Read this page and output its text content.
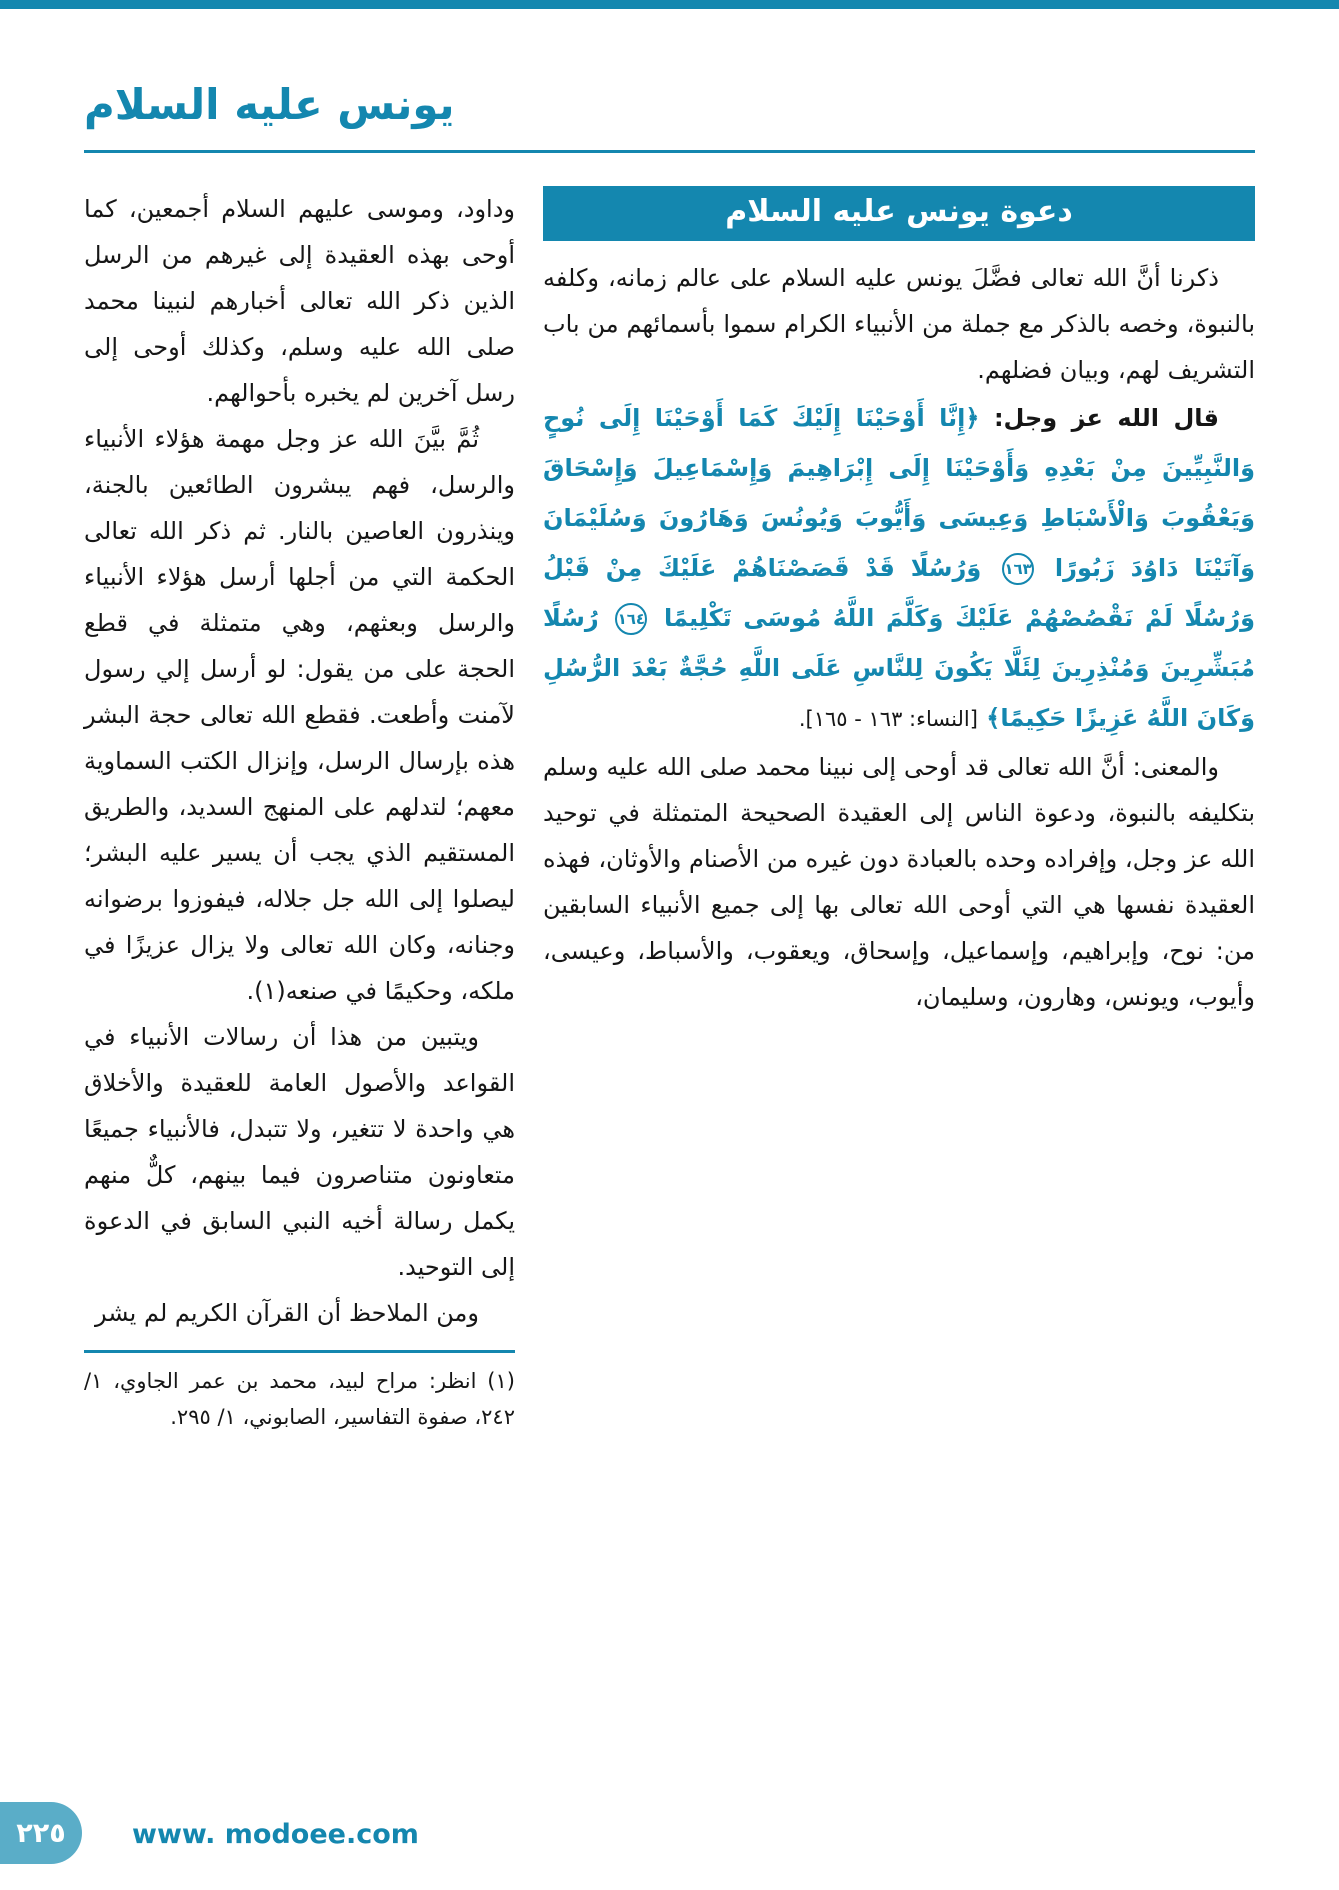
يونس عليه السلام
دعوة يونس عليه السلام

ذكرنا أنَّ الله تعالى فضَّلَ يونس عليه السلام على عالم زمانه، وكلفه بالنبوة، وخصه بالذكر مع جملة من الأنبياء الكرام سموا بأسمائهم من باب التشريف لهم، وبيان فضلهم.

قال الله عز وجل: ﴿إِنَّا أَوْحَيْنَا إِلَيْكَ كَمَا أَوْحَيْنَا إِلَى نُوحٍ وَالنَّبِيِّينَ مِنْ بَعْدِهِ وَأَوْحَيْنَا إِلَى إِبْرَاهِيمَ وَإِسْمَاعِيلَ وَإِسْحَاقَ وَيَعْقُوبَ وَالْأَسْبَاطِ وَعِيسَى وَأَيُّوبَ وَيُونُسَ وَهَارُونَ وَسُلَيْمَانَ وَآتَيْنَا دَاوُدَ زَبُورًا ١٦٣ وَرُسُلًا قَدْ قَصَصْنَاهُمْ عَلَيْكَ مِنْ قَبْلُ وَرُسُلًا لَمْ نَقْصُصْهُمْ عَلَيْكَ وَكَلَّمَ اللَّهُ مُوسَى تَكْلِيمًا ١٦٤ رُسُلًا مُبَشِّرِينَ وَمُنْذِرِينَ لِئَلَّا يَكُونَ لِلنَّاسِ عَلَى اللَّهِ حُجَّةٌ بَعْدَ الرُّسُلِ وَكَانَ اللَّهُ عَزِيزًا حَكِيمًا﴾ [النساء: ١٦٣ - ١٦٥].

والمعنى: أنَّ الله تعالى قد أوحى إلى نبينا محمد صلى الله عليه وسلم بتكليفه بالنبوة، ودعوة الناس إلى العقيدة الصحيحة المتمثلة في توحيد الله عز وجل، وإفراده وحده بالعبادة دون غيره من الأصنام والأوثان، فهذه العقيدة نفسها هي التي أوحى الله تعالى بها إلى جميع الأنبياء السابقين من: نوح، وإبراهيم، وإسماعيل، وإسحاق، ويعقوب، والأسباط، وعيسى، وأيوب، ويونس، وهارون، وسليمان،

وداود، وموسى عليهم السلام أجمعين، كما أوحى بهذه العقيدة إلى غيرهم من الرسل الذين ذكر الله تعالى أخبارهم لنبينا محمد صلى الله عليه وسلم، وكذلك أوحى إلى رسل آخرين لم يخبره بأحوالهم.

ثُمَّ بيَّنَ الله عز وجل مهمة هؤلاء الأنبياء والرسل، فهم يبشرون الطائعين بالجنة، وينذرون العاصين بالنار. ثم ذكر الله تعالى الحكمة التي من أجلها أرسل هؤلاء الأنبياء والرسل وبعثهم، وهي متمثلة في قطع الحجة على من يقول: لو أرسل إلي رسول لآمنت وأطعت. فقطع الله تعالى حجة البشر هذه بإرسال الرسل، وإنزال الكتب السماوية معهم؛ لتدلهم على المنهج السديد، والطريق المستقيم الذي يجب أن يسير عليه البشر؛ ليصلوا إلى الله جل جلاله، فيفوزوا برضوانه وجنانه، وكان الله تعالى ولا يزال عزيزًا في ملكه، وحكيمًا في صنعه(١).

ويتبين من هذا أن رسالات الأنبياء في القواعد والأصول العامة للعقيدة والأخلاق هي واحدة لا تتغير، ولا تتبدل، فالأنبياء جميعًا متعاونون متناصرون فيما بينهم، كلٌّ منهم يكمل رسالة أخيه النبي السابق في الدعوة إلى التوحيد.

ومن الملاحظ أن القرآن الكريم لم يشر

(١) انظر: مراح لبيد، محمد بن عمر الجاوي، ١/ ٢٤٢، صفوة التفاسير، الصابوني، ١/ ٢٩٥.

٢٢٥	www. modoee.com
